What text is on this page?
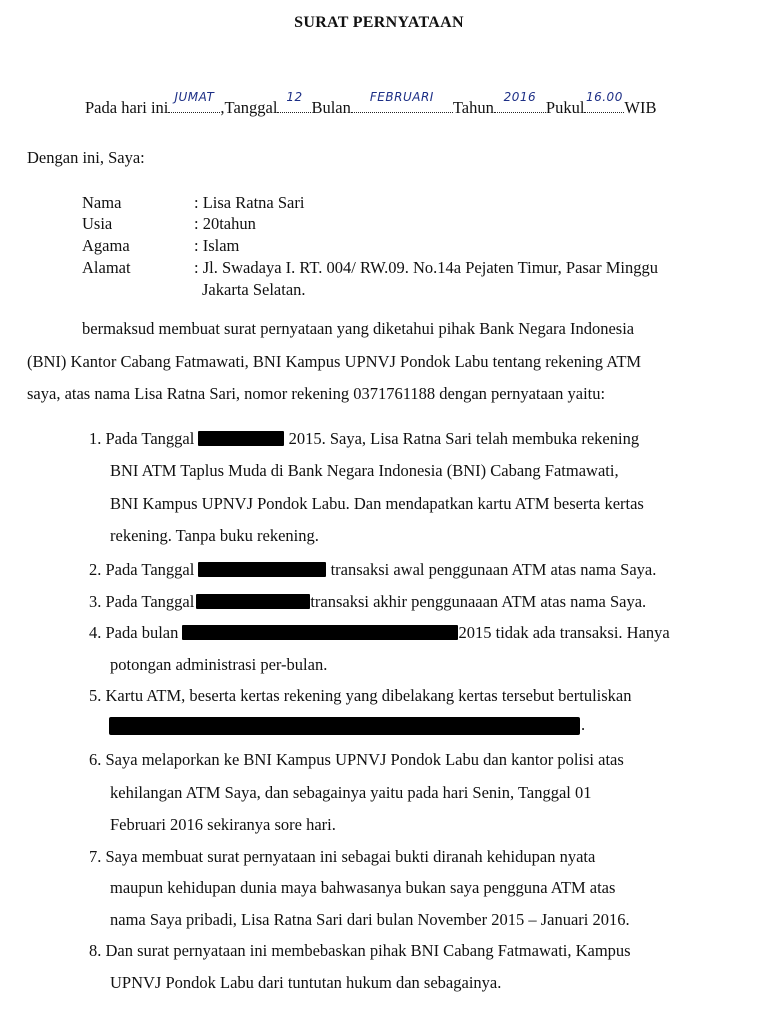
SURAT PERNYATAAN
Pada hari ini
JUMAT
,Tanggal
12
Bulan
FEBRUARI
Tahun
2016
Pukul
16.00
WIB
Dengan ini, Saya:
Nama	: Lisa Ratna Sari
Usia	: 20tahun
Agama	: Islam
Alamat	: Jl. Swadaya I. RT. 004/ RW.09. No.14a Pejaten Timur, Pasar Minggu
Jakarta Selatan.
bermaksud membuat surat pernyataan yang diketahui pihak Bank Negara Indonesia
(BNI) Kantor Cabang Fatmawati, BNI Kampus UPNVJ Pondok Labu tentang rekening ATM
saya, atas nama Lisa Ratna Sari, nomor rekening 0371761188 dengan pernyataan yaitu:
1. Pada Tanggal	2015. Saya, Lisa Ratna Sari telah membuka rekening
BNI ATM Taplus Muda di Bank Negara Indonesia (BNI) Cabang Fatmawati,
BNI Kampus UPNVJ Pondok Labu. Dan mendapatkan kartu ATM beserta kertas
rekening. Tanpa buku rekening.
2. Pada Tanggal	transaksi awal penggunaan ATM atas nama Saya.
3. Pada Tanggal	transaksi akhir penggunaaan ATM atas nama Saya.
4. Pada bulan	2015 tidak ada transaksi. Hanya
potongan administrasi per-bulan.
5. Kartu ATM, beserta kertas rekening yang dibelakang kertas tersebut bertuliskan
.
6. Saya melaporkan ke BNI Kampus UPNVJ Pondok Labu dan kantor polisi atas
kehilangan ATM Saya, dan sebagainya yaitu pada hari Senin, Tanggal 01
Februari 2016 sekiranya sore hari.
7. Saya membuat surat pernyataan ini sebagai bukti diranah kehidupan nyata
maupun kehidupan dunia maya bahwasanya bukan saya pengguna ATM atas
nama Saya pribadi, Lisa Ratna Sari dari bulan November 2015 – Januari 2016.
8. Dan surat pernyataan ini membebaskan pihak BNI Cabang Fatmawati, Kampus
UPNVJ Pondok Labu dari tuntutan hukum dan sebagainya.
